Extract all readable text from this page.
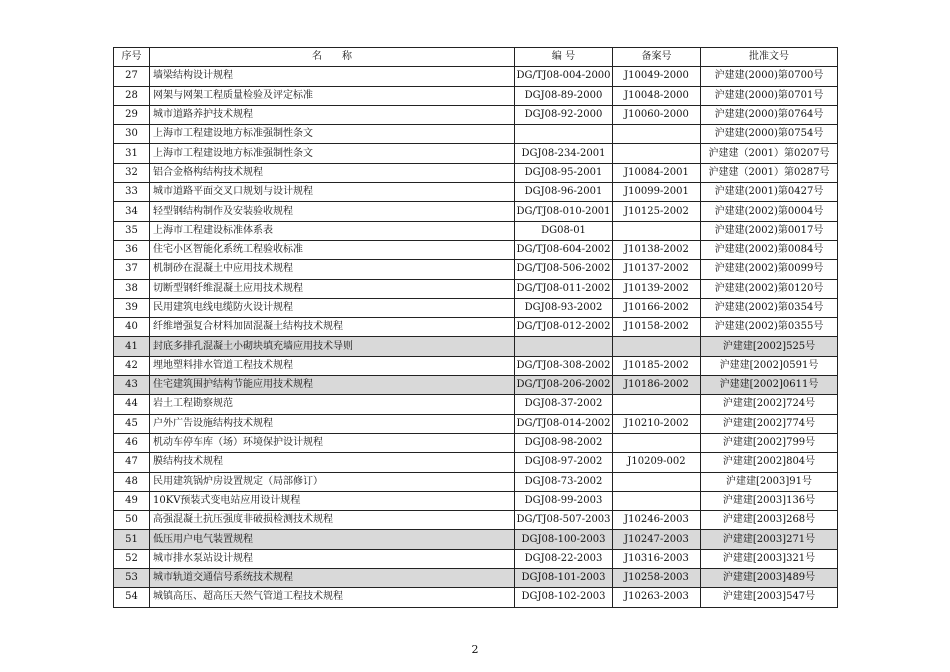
序号	名　　称	编 号	备案号	批准文号
27	墙梁结构设计规程	DG/TJ08-004-2000	J10049-2000	沪建建(2000)第0700号
28	网架与网架工程质量检验及评定标准	DGJ08-89-2000	J10048-2000	沪建建(2000)第0701号
29	城市道路养护技术规程	DGJ08-92-2000	J10060-2000	沪建建(2000)第0764号
30	上海市工程建设地方标准强制性条文			沪建建(2000)第0754号
31	上海市工程建设地方标准强制性条文	DGJ08-234-2001		沪建建（2001）第0207号
32	铝合金格构结构技术规程	DGJ08-95-2001	J10084-2001	沪建建（2001）第0287号
33	城市道路平面交叉口规划与设计规程	DGJ08-96-2001	J10099-2001	沪建建(2001)第0427号
34	轻型钢结构制作及安装验收规程	DG/TJ08-010-2001	J10125-2002	沪建建(2002)第0004号
35	上海市工程建设标准体系表	DG08-01		沪建建(2002)第0017号
36	住宅小区智能化系统工程验收标准	DG/TJ08-604-2002	J10138-2002	沪建建(2002)第0084号
37	机制砂在混凝土中应用技术规程	DG/TJ08-506-2002	J10137-2002	沪建建(2002)第0099号
38	切断型钢纤维混凝土应用技术规程	DG/TJ08-011-2002	J10139-2002	沪建建(2002)第0120号
39	民用建筑电线电缆防火设计规程	DGJ08-93-2002	J10166-2002	沪建建(2002)第0354号
40	纤维增强复合材料加固混凝土结构技术规程	DG/TJ08-012-2002	J10158-2002	沪建建(2002)第0355号
41	封底多排孔混凝土小砌块填充墙应用技术导则			沪建建[2002]525号
42	埋地塑料排水管道工程技术规程	DG/TJ08-308-2002	J10185-2002	沪建建[2002]0591号
43	住宅建筑围护结构节能应用技术规程	DG/TJ08-206-2002	J10186-2002	沪建建[2002]0611号
44	岩土工程勘察规范	DGJ08-37-2002		沪建建[2002]724号
45	户外广告设施结构技术规程	DG/TJ08-014-2002	J10210-2002	沪建建[2002]774号
46	机动车停车库（场）环境保护设计规程	DGJ08-98-2002		沪建建[2002]799号
47	膜结构技术规程	DGJ08-97-2002	J10209-002	沪建建[2002]804号
48	民用建筑锅炉房设置规定（局部修订）	DGJ08-73-2002		沪建建[2003]91号
49	10KV预装式变电站应用设计规程	DGJ08-99-2003		沪建建[2003]136号
50	高强混凝土抗压强度非破损检测技术规程	DG/TJ08-507-2003	J10246-2003	沪建建[2003]268号
51	低压用户电气装置规程	DGJ08-100-2003	J10247-2003	沪建建[2003]271号
52	城市排水泵站设计规程	DGJ08-22-2003	J10316-2003	沪建建[2003]321号
53	城市轨道交通信号系统技术规程	DGJ08-101-2003	J10258-2003	沪建建[2003]489号
54	城镇高压、超高压天然气管道工程技术规程	DGJ08-102-2003	J10263-2003	沪建建[2003]547号
2
